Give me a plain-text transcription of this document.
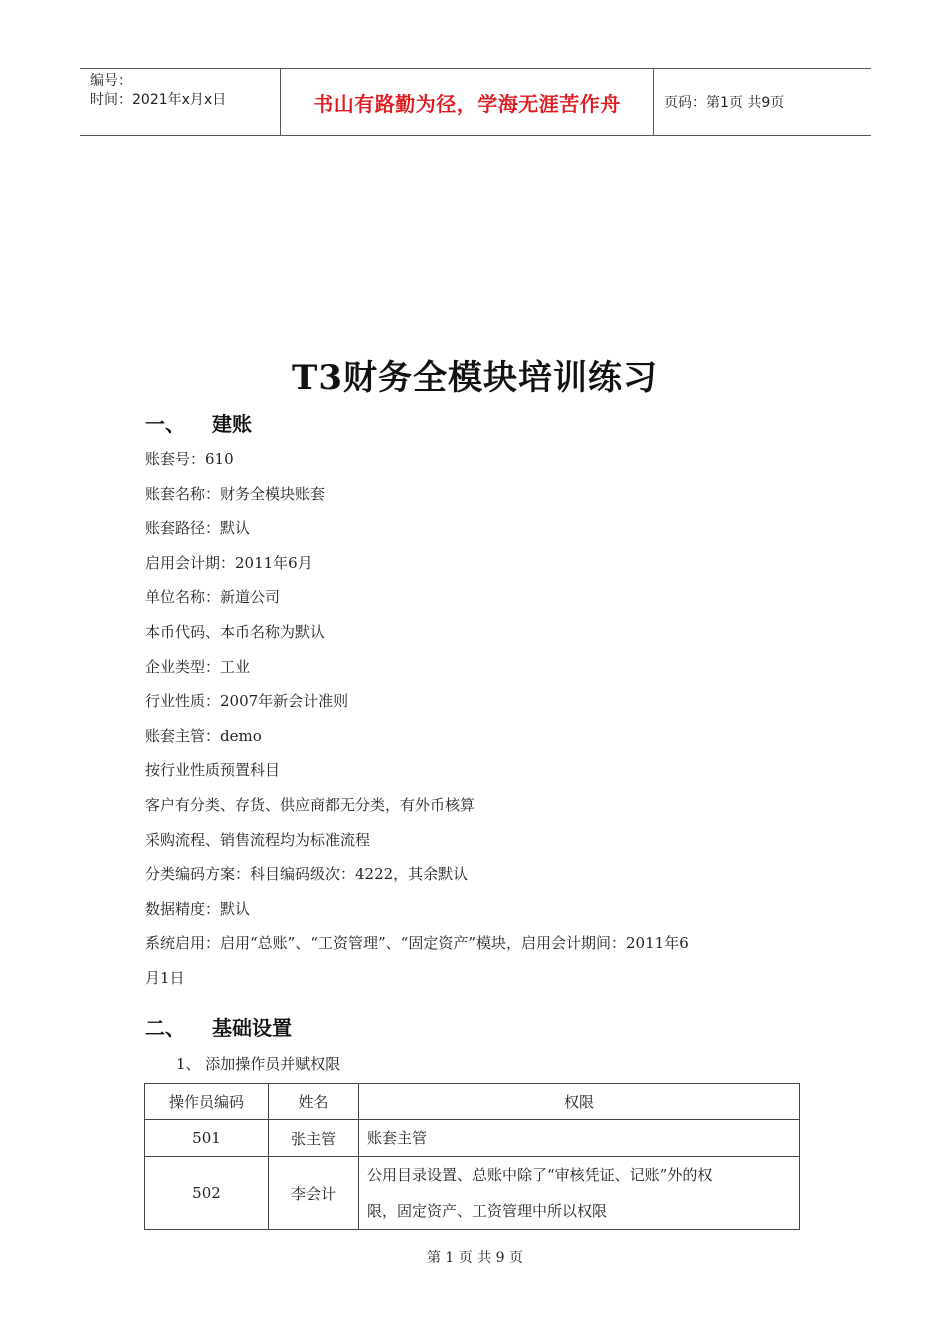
编号：
时间：2021年x月x日	书山有路勤为径，学海无涯苦作舟	页码：第1页 共9页
T3财务全模块培训练习
一、	建账
账套号：610
账套名称：财务全模块账套
账套路径：默认
启用会计期：2011年6月
单位名称：新道公司
本币代码、本币名称为默认
企业类型：工业
行业性质：2007年新会计准则
账套主管：demo
按行业性质预置科目
客户有分类、存货、供应商都无分类，有外币核算
采购流程、销售流程均为标准流程
分类编码方案：科目编码级次：4222，其余默认
数据精度：默认
系统启用：启用“总账”、“工资管理”、“固定资产”模块，启用会计期间：2011年6
月1日
二、	基础设置
1、 添加操作员并赋权限
操作员编码	姓名	权限
501	张主管	账套主管

502	李会计	公用目录设置、总账中除了“审核凭证、记账”外的权
限，固定资产、工资管理中所以权限
第 1 页 共 9 页
